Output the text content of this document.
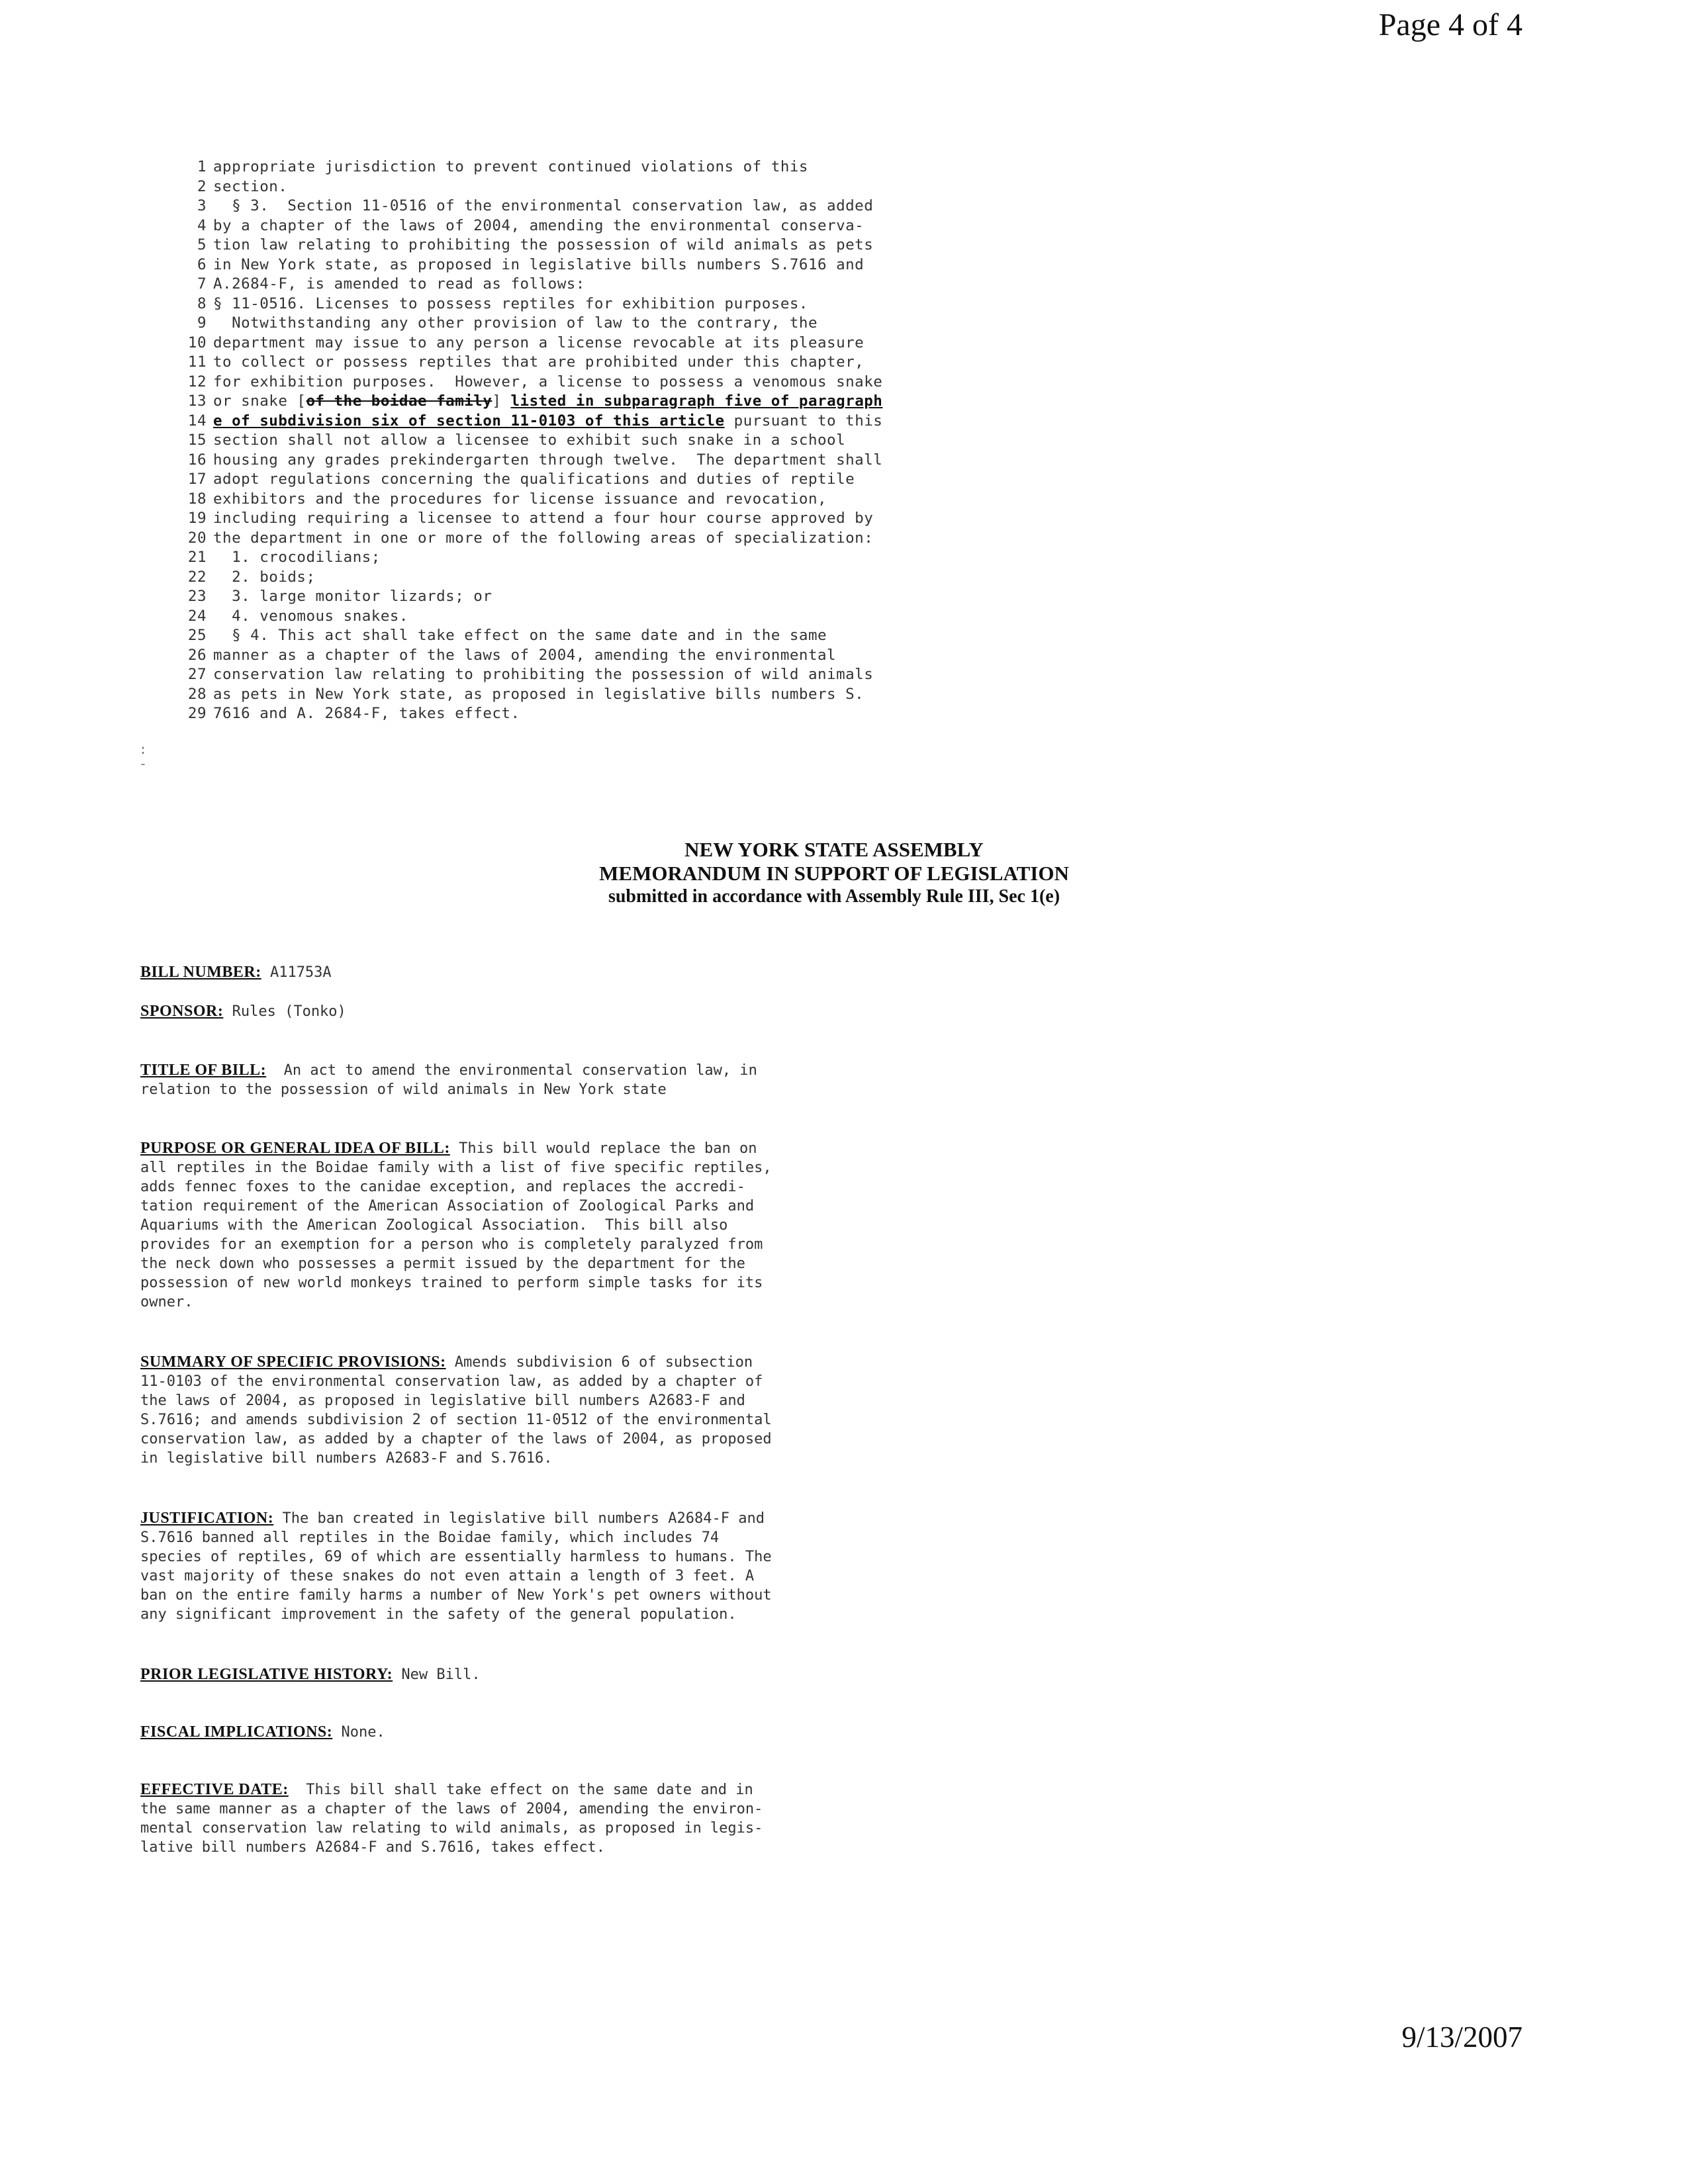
Page 4 of 4
1 appropriate jurisdiction to prevent continued violations of this
2 section.
3 § 3.  Section 11-0516 of the environmental conservation law, as added
4 by a chapter of the laws of 2004, amending the environmental conserva-
5 tion law relating to prohibiting the possession of wild animals as pets
6 in New York state, as proposed in legislative bills numbers S.7616 and
7 A.2684-F, is amended to read as follows:
8 § 11-0516. Licenses to possess reptiles for exhibition purposes.
9 Notwithstanding any other provision of law to the contrary, the
10 department may issue to any person a license revocable at its pleasure
11 to collect or possess reptiles that are prohibited under this chapter,
12 for exhibition purposes.  However, a license to possess a venomous snake
13 or snake [of the boidae family] listed in subparagraph five of paragraph
14 e of subdivision six of section 11-0103 of this article pursuant to this
15 section shall not allow a licensee to exhibit such snake in a school
16 housing any grades prekindergarten through twelve.  The department shall
17 adopt regulations concerning the qualifications and duties of reptile
18 exhibitors and the procedures for license issuance and revocation,
19 including requiring a licensee to attend a four hour course approved by
20 the department in one or more of the following areas of specialization:
21 1. crocodilians;
22 2. boids;
23 3. large monitor lizards; or
24 4. venomous snakes.
25 § 4. This act shall take effect on the same date and in the same
26 manner as a chapter of the laws of 2004, amending the environmental
27 conservation law relating to prohibiting the possession of wild animals
28 as pets in New York state, as proposed in legislative bills numbers S.
29 7616 and A. 2684-F, takes effect.
:
-
NEW YORK STATE ASSEMBLY
MEMORANDUM IN SUPPORT OF LEGISLATION
submitted in accordance with Assembly Rule III, Sec 1(e)
BILL NUMBER: A11753A
SPONSOR: Rules (Tonko)
TITLE OF BILL:  An act to amend the environmental conservation law, in
relation to the possession of wild animals in New York state
PURPOSE OR GENERAL IDEA OF BILL: This bill would replace the ban on
all reptiles in the Boidae family with a list of five specific reptiles,
adds fennec foxes to the canidae exception, and replaces the accredi-
tation requirement of the American Association of Zoological Parks and
Aquariums with the American Zoological Association.  This bill also
provides for an exemption for a person who is completely paralyzed from
the neck down who possesses a permit issued by the department for the
possession of new world monkeys trained to perform simple tasks for its
owner.
SUMMARY OF SPECIFIC PROVISIONS: Amends subdivision 6 of subsection
11-0103 of the environmental conservation law, as added by a chapter of
the laws of 2004, as proposed in legislative bill numbers A2683-F and
S.7616; and amends subdivision 2 of section 11-0512 of the environmental
conservation law, as added by a chapter of the laws of 2004, as proposed
in legislative bill numbers A2683-F and S.7616.
JUSTIFICATION: The ban created in legislative bill numbers A2684-F and
S.7616 banned all reptiles in the Boidae family, which includes 74
species of reptiles, 69 of which are essentially harmless to humans. The
vast majority of these snakes do not even attain a length of 3 feet. A
ban on the entire family harms a number of New York's pet owners without
any significant improvement in the safety of the general population.
PRIOR LEGISLATIVE HISTORY: New Bill.
FISCAL IMPLICATIONS: None.
EFFECTIVE DATE:  This bill shall take effect on the same date and in
the same manner as a chapter of the laws of 2004, amending the environ-
mental conservation law relating to wild animals, as proposed in legis-
lative bill numbers A2684-F and S.7616, takes effect.
9/13/2007
